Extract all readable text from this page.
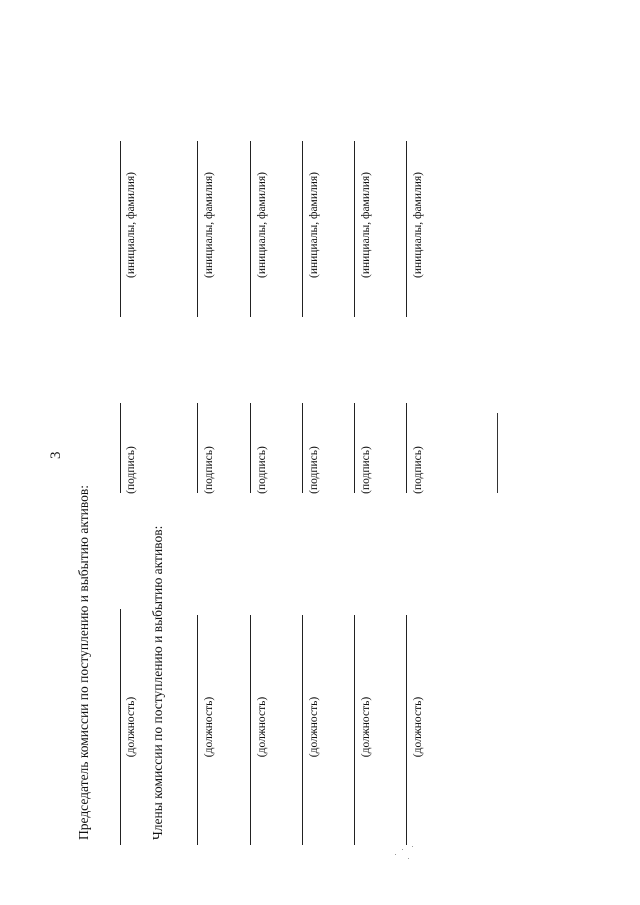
3
Председатель комиссии по поступлению и выбытию активов:	(должность)
(подпись)
(инициалы, фамилия)
Члены комиссии по поступлению и выбытию активов:	(должность)
(подпись)
(инициалы, фамилия)
(должность)
(подпись)
(инициалы, фамилия)
(должность)
(подпись)
(инициалы, фамилия)
(должность)
(подпись)
(инициалы, фамилия)
(должность)
(подпись)
(инициалы, фамилия)
